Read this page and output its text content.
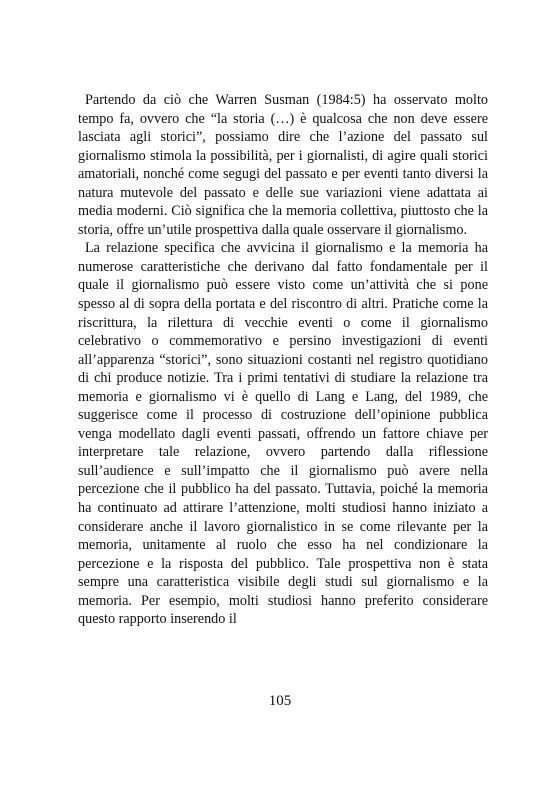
Partendo da ciò che Warren Susman (1984:5) ha osservato molto tempo fa, ovvero che “la storia (…) è qualcosa che non deve essere lasciata agli storici”, possiamo dire che l’azione del passato sul giornalismo stimola la possibilità, per i giornalisti, di agire quali storici amatoriali, nonché come segugi del passato e per eventi tanto diversi la natura mutevole del passato e delle sue variazioni viene adattata ai media moderni. Ciò significa che la memoria collettiva, piuttosto che la storia, offre un’utile prospettiva dalla quale osservare il giornalismo.

La relazione specifica che avvicina il giornalismo e la memoria ha numerose caratteristiche che derivano dal fatto fondamentale per il quale il giornalismo può essere visto come un’attività che si pone spesso al di sopra della portata e del riscontro di altri. Pratiche come la riscrittura, la rilettura di vecchie eventi o come il giornalismo celebrativo o commemorativo e persino investigazioni di eventi all’apparenza “storici”, sono situazioni costanti nel registro quotidiano di chi produce notizie. Tra i primi tentativi di studiare la relazione tra memoria e giornalismo vi è quello di Lang e Lang, del 1989, che suggerisce come il processo di costruzione dell’opinione pubblica venga modellato dagli eventi passati, offrendo un fattore chiave per interpretare tale relazione, ovvero partendo dalla riflessione sull’audience e sull’impatto che il giornalismo può avere nella percezione che il pubblico ha del passato. Tuttavia, poiché la memoria ha continuato ad attirare l’attenzione, molti studiosi hanno iniziato a considerare anche il lavoro giornalistico in se come rilevante per la memoria, unitamente al ruolo che esso ha nel condizionare la percezione e la risposta del pubblico. Tale prospettiva non è stata sempre una caratteristica visibile degli studi sul giornalismo e la memoria. Per esempio, molti studiosi hanno preferito considerare questo rapporto inserendo il

105
